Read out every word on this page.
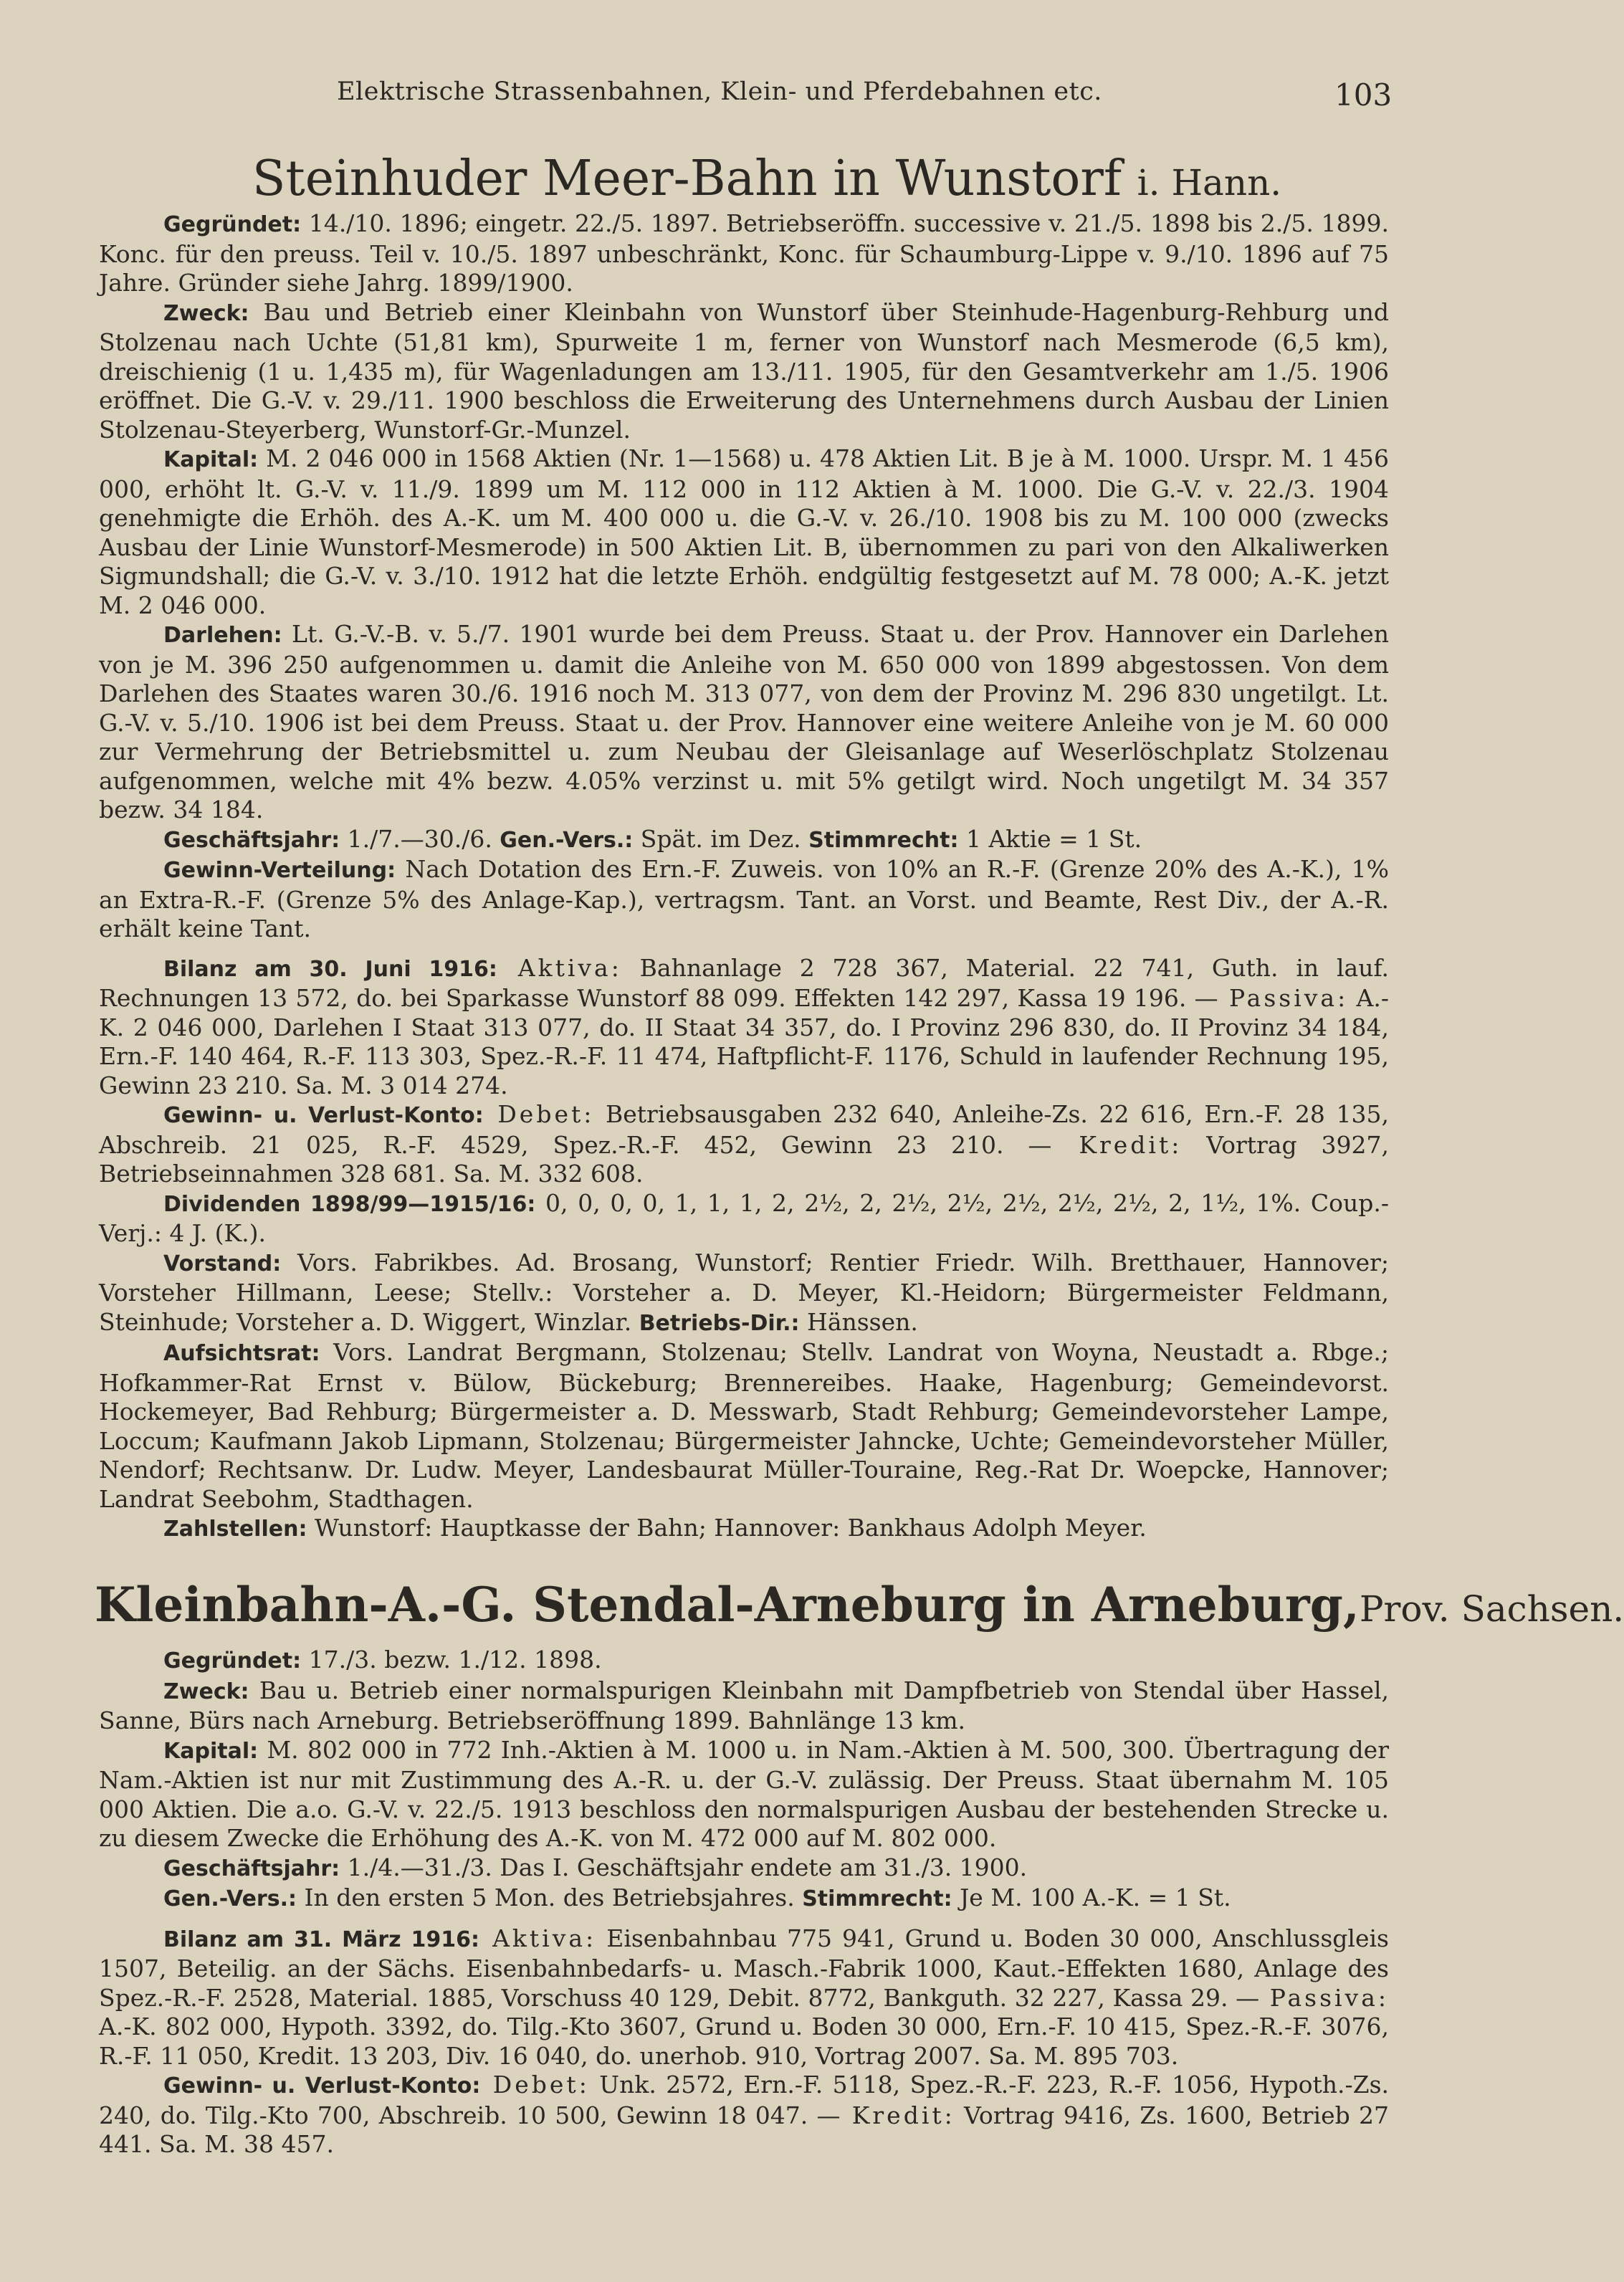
Elektrische Strassenbahnen, Klein- und Pferdebahnen etc.	103
Steinhuder Meer-Bahn in Wunstorf i. Hann.

Gegründet: 14./10. 1896; eingetr. 22./5. 1897. Betriebseröffn. successive v. 21./5. 1898 bis 2./5. 1899. Konc. für den preuss. Teil v. 10./5. 1897 unbeschränkt, Konc. für Schaumburg-Lippe v. 9./10. 1896 auf 75 Jahre. Gründer siehe Jahrg. 1899/1900.

Zweck: Bau und Betrieb einer Kleinbahn von Wunstorf über Steinhude-Hagenburg-Rehburg und Stolzenau nach Uchte (51,81 km), Spurweite 1 m, ferner von Wunstorf nach Mesmerode (6,5 km), dreischienig (1 u. 1,435 m), für Wagenladungen am 13./11. 1905, für den Gesamtverkehr am 1./5. 1906 eröffnet. Die G.-V. v. 29./11. 1900 beschloss die Erweiterung des Unternehmens durch Ausbau der Linien Stolzenau-Steyerberg, Wunstorf-Gr.-Munzel.

Kapital: M. 2 046 000 in 1568 Aktien (Nr. 1—1568) u. 478 Aktien Lit. B je à M. 1000. Urspr. M. 1 456 000, erhöht lt. G.-V. v. 11./9. 1899 um M. 112 000 in 112 Aktien à M. 1000. Die G.-V. v. 22./3. 1904 genehmigte die Erhöh. des A.-K. um M. 400 000 u. die G.-V. v. 26./10. 1908 bis zu M. 100 000 (zwecks Ausbau der Linie Wunstorf-Mesmerode) in 500 Aktien Lit. B, übernommen zu pari von den Alkaliwerken Sigmundshall; die G.-V. v. 3./10. 1912 hat die letzte Erhöh. endgültig festgesetzt auf M. 78 000; A.-K. jetzt M. 2 046 000.

Darlehen: Lt. G.-V.-B. v. 5./7. 1901 wurde bei dem Preuss. Staat u. der Prov. Hannover ein Darlehen von je M. 396 250 aufgenommen u. damit die Anleihe von M. 650 000 von 1899 abgestossen. Von dem Darlehen des Staates waren 30./6. 1916 noch M. 313 077, von dem der Provinz M. 296 830 ungetilgt. Lt. G.-V. v. 5./10. 1906 ist bei dem Preuss. Staat u. der Prov. Hannover eine weitere Anleihe von je M. 60 000 zur Vermehrung der Betriebsmittel u. zum Neubau der Gleisanlage auf Weserlöschplatz Stolzenau aufgenommen, welche mit 4% bezw. 4.05% verzinst u. mit 5% getilgt wird. Noch ungetilgt M. 34 357 bezw. 34 184.

Geschäftsjahr: 1./7.—30./6. Gen.-Vers.: Spät. im Dez. Stimmrecht: 1 Aktie = 1 St.

Gewinn-Verteilung: Nach Dotation des Ern.-F. Zuweis. von 10% an R.-F. (Grenze 20% des A.-K.), 1% an Extra-R.-F. (Grenze 5% des Anlage-Kap.), vertragsm. Tant. an Vorst. und Beamte, Rest Div., der A.-R. erhält keine Tant.

Bilanz am 30. Juni 1916: Aktiva: Bahnanlage 2 728 367, Material. 22 741, Guth. in lauf. Rechnungen 13 572, do. bei Sparkasse Wunstorf 88 099. Effekten 142 297, Kassa 19 196. — Passiva: A.-K. 2 046 000, Darlehen I Staat 313 077, do. II Staat 34 357, do. I Provinz 296 830, do. II Provinz 34 184, Ern.-F. 140 464, R.-F. 113 303, Spez.-R.-F. 11 474, Haftpflicht-F. 1176, Schuld in laufender Rechnung 195, Gewinn 23 210. Sa. M. 3 014 274.

Gewinn- u. Verlust-Konto: Debet: Betriebsausgaben 232 640, Anleihe-Zs. 22 616, Ern.-F. 28 135, Abschreib. 21 025, R.-F. 4529, Spez.-R.-F. 452, Gewinn 23 210. — Kredit: Vortrag 3927, Betriebseinnahmen 328 681. Sa. M. 332 608.

Dividenden 1898/99—1915/16: 0, 0, 0, 0, 1, 1, 1, 2, 2½, 2, 2½, 2½, 2½, 2½, 2½, 2, 1½, 1%. Coup.-Verj.: 4 J. (K.).

Vorstand: Vors. Fabrikbes. Ad. Brosang, Wunstorf; Rentier Friedr. Wilh. Bretthauer, Hannover; Vorsteher Hillmann, Leese; Stellv.: Vorsteher a. D. Meyer, Kl.-Heidorn; Bürgermeister Feldmann, Steinhude; Vorsteher a. D. Wiggert, Winzlar. Betriebs-Dir.: Hänssen.

Aufsichtsrat: Vors. Landrat Bergmann, Stolzenau; Stellv. Landrat von Woyna, Neustadt a. Rbge.; Hofkammer-Rat Ernst v. Bülow, Bückeburg; Brennereibes. Haake, Hagenburg; Gemeindevorst. Hockemeyer, Bad Rehburg; Bürgermeister a. D. Messwarb, Stadt Rehburg; Gemeindevorsteher Lampe, Loccum; Kaufmann Jakob Lipmann, Stolzenau; Bürgermeister Jahncke, Uchte; Gemeindevorsteher Müller, Nendorf; Rechtsanw. Dr. Ludw. Meyer, Landesbaurat Müller-Touraine, Reg.-Rat Dr. Woepcke, Hannover; Landrat Seebohm, Stadthagen.

Zahlstellen: Wunstorf: Hauptkasse der Bahn; Hannover: Bankhaus Adolph Meyer.

Kleinbahn-A.-G. Stendal-Arneburg in Arneburg,Prov. Sachsen.

Gegründet: 17./3. bezw. 1./12. 1898.

Zweck: Bau u. Betrieb einer normalspurigen Kleinbahn mit Dampfbetrieb von Stendal über Hassel, Sanne, Bürs nach Arneburg. Betriebseröffnung 1899. Bahnlänge 13 km.

Kapital: M. 802 000 in 772 Inh.-Aktien à M. 1000 u. in Nam.-Aktien à M. 500, 300. Übertragung der Nam.-Aktien ist nur mit Zustimmung des A.-R. u. der G.-V. zulässig. Der Preuss. Staat übernahm M. 105 000 Aktien. Die a.o. G.-V. v. 22./5. 1913 beschloss den normalspurigen Ausbau der bestehenden Strecke u. zu diesem Zwecke die Erhöhung des A.-K. von M. 472 000 auf M. 802 000.

Geschäftsjahr: 1./4.—31./3. Das I. Geschäftsjahr endete am 31./3. 1900.

Gen.-Vers.: In den ersten 5 Mon. des Betriebsjahres. Stimmrecht: Je M. 100 A.-K. = 1 St.

Bilanz am 31. März 1916: Aktiva: Eisenbahnbau 775 941, Grund u. Boden 30 000, Anschlussgleis 1507, Beteilig. an der Sächs. Eisenbahnbedarfs- u. Masch.-Fabrik 1000, Kaut.-Effekten 1680, Anlage des Spez.-R.-F. 2528, Material. 1885, Vorschuss 40 129, Debit. 8772, Bankguth. 32 227, Kassa 29. — Passiva: A.-K. 802 000, Hypoth. 3392, do. Tilg.-Kto 3607, Grund u. Boden 30 000, Ern.-F. 10 415, Spez.-R.-F. 3076, R.-F. 11 050, Kredit. 13 203, Div. 16 040, do. unerhob. 910, Vortrag 2007. Sa. M. 895 703.

Gewinn- u. Verlust-Konto: Debet: Unk. 2572, Ern.-F. 5118, Spez.-R.-F. 223, R.-F. 1056, Hypoth.-Zs. 240, do. Tilg.-Kto 700, Abschreib. 10 500, Gewinn 18 047. — Kredit: Vortrag 9416, Zs. 1600, Betrieb 27 441. Sa. M. 38 457.
